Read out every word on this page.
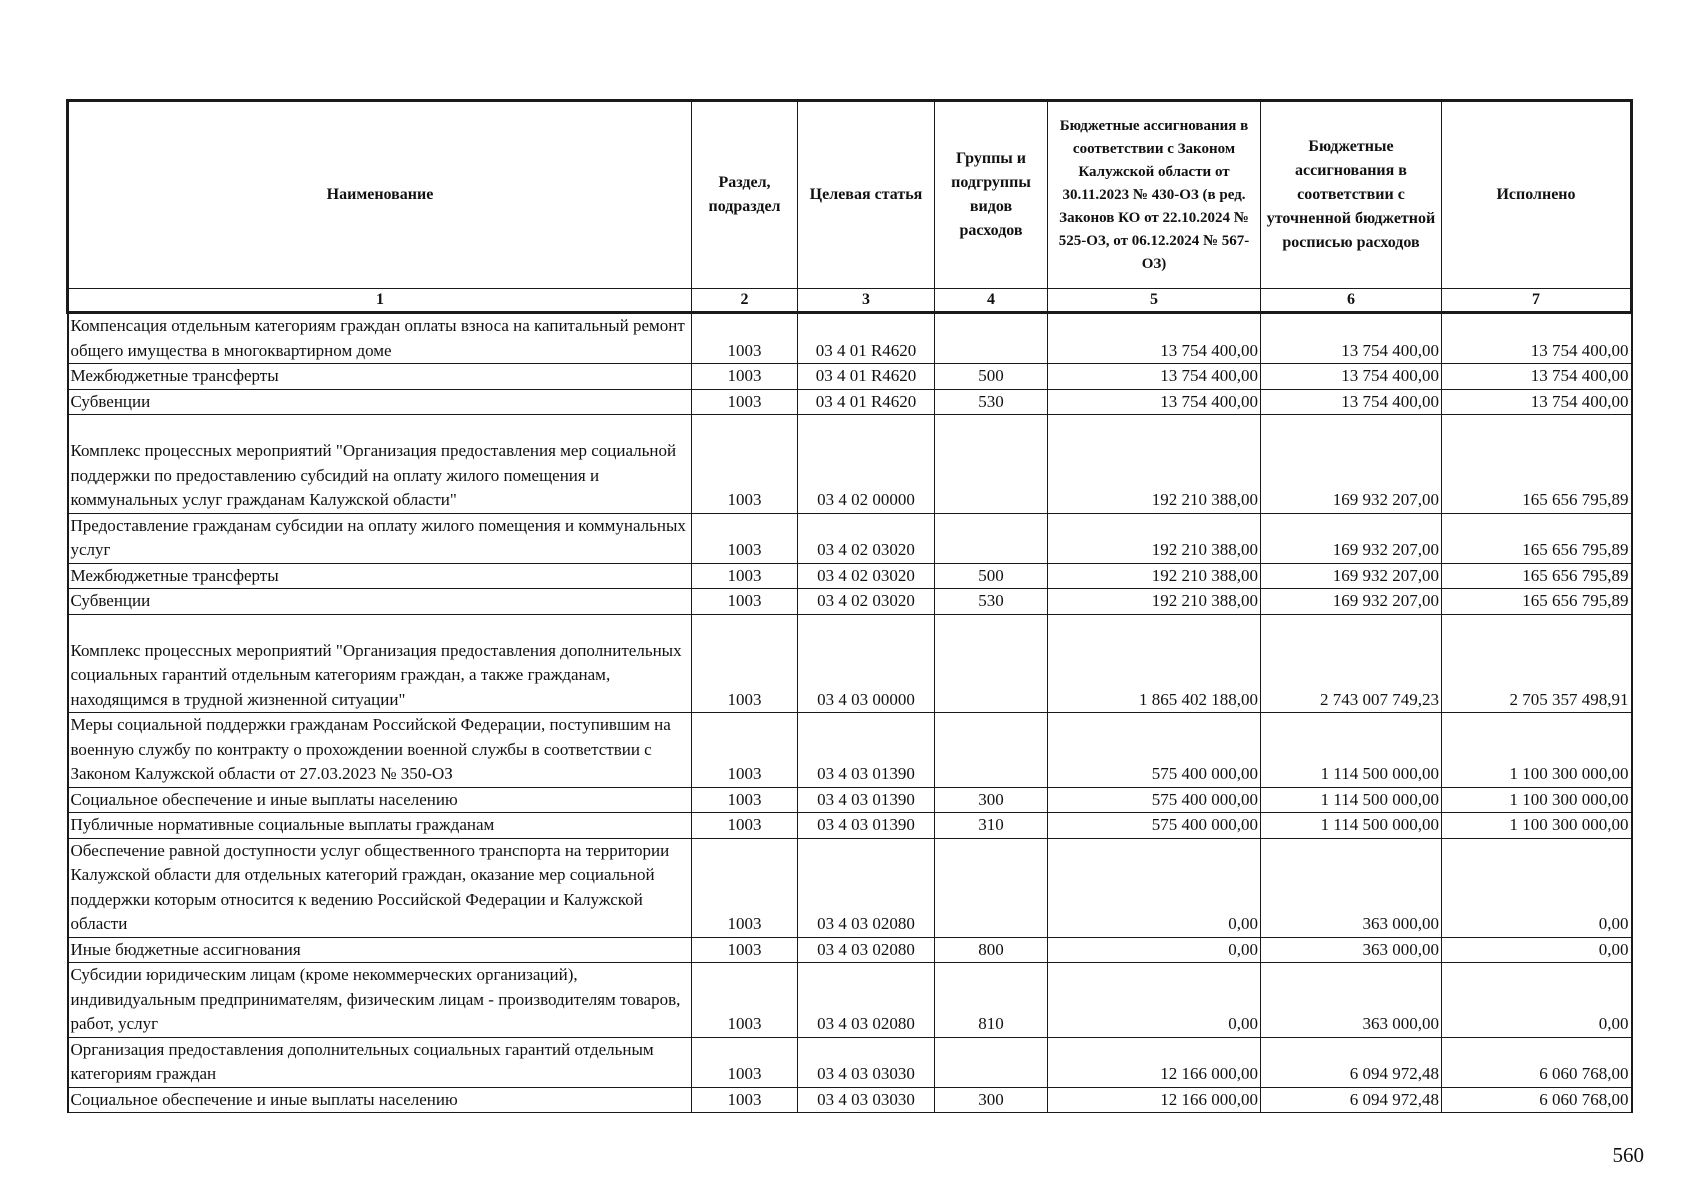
Наименование	Раздел, подраздел	Целевая статья	Группы и подгруппы видов расходов	Бюджетные ассигнования в соответствии с Законом Калужской области от 30.11.2023 № 430-ОЗ (в ред. Законов КО от 22.10.2024 № 525-ОЗ, от 06.12.2024 № 567-ОЗ)	Бюджетные ассигнования в соответствии с уточненной бюджетной росписью расходов	Исполнено
1	2	3	4	5	6	7
Компенсация отдельным категориям граждан оплаты взноса на капитальный ремонт общего имущества в многоквартирном доме	1003	03 4 01 R4620		13 754 400,00	13 754 400,00	13 754 400,00
Межбюджетные трансферты	1003	03 4 01 R4620	500	13 754 400,00	13 754 400,00	13 754 400,00
Субвенции	1003	03 4 01 R4620	530	13 754 400,00	13 754 400,00	13 754 400,00
Комплекс процессных мероприятий "Организация предоставления мер социальной поддержки по предоставлению субсидий на оплату жилого помещения и коммунальных услуг гражданам Калужской области"	1003	03 4 02 00000		192 210 388,00	169 932 207,00	165 656 795,89
Предоставление гражданам субсидии на оплату жилого помещения и коммунальных услуг	1003	03 4 02 03020		192 210 388,00	169 932 207,00	165 656 795,89
Межбюджетные трансферты	1003	03 4 02 03020	500	192 210 388,00	169 932 207,00	165 656 795,89
Субвенции	1003	03 4 02 03020	530	192 210 388,00	169 932 207,00	165 656 795,89
Комплекс процессных мероприятий "Организация предоставления дополнительных социальных гарантий отдельным категориям граждан, а также гражданам, находящимся в трудной жизненной ситуации"	1003	03 4 03 00000		1 865 402 188,00	2 743 007 749,23	2 705 357 498,91
Меры социальной поддержки гражданам Российской Федерации, поступившим на военную службу по контракту о прохождении военной службы в соответствии с Законом Калужской области от 27.03.2023 № 350-ОЗ	1003	03 4 03 01390		575 400 000,00	1 114 500 000,00	1 100 300 000,00
Социальное обеспечение и иные выплаты населению	1003	03 4 03 01390	300	575 400 000,00	1 114 500 000,00	1 100 300 000,00
Публичные нормативные социальные выплаты гражданам	1003	03 4 03 01390	310	575 400 000,00	1 114 500 000,00	1 100 300 000,00
Обеспечение равной доступности услуг общественного транспорта на территории Калужской области для отдельных категорий граждан, оказание мер социальной поддержки которым относится к ведению Российской Федерации и Калужской области	1003	03 4 03 02080		0,00	363 000,00	0,00
Иные бюджетные ассигнования	1003	03 4 03 02080	800	0,00	363 000,00	0,00
Субсидии юридическим лицам (кроме некоммерческих организаций), индивидуальным предпринимателям, физическим лицам - производителям товаров, работ, услуг	1003	03 4 03 02080	810	0,00	363 000,00	0,00
Организация предоставления дополнительных социальных гарантий отдельным категориям граждан	1003	03 4 03 03030		12 166 000,00	6 094 972,48	6 060 768,00
Социальное обеспечение и иные выплаты населению	1003	03 4 03 03030	300	12 166 000,00	6 094 972,48	6 060 768,00
560
